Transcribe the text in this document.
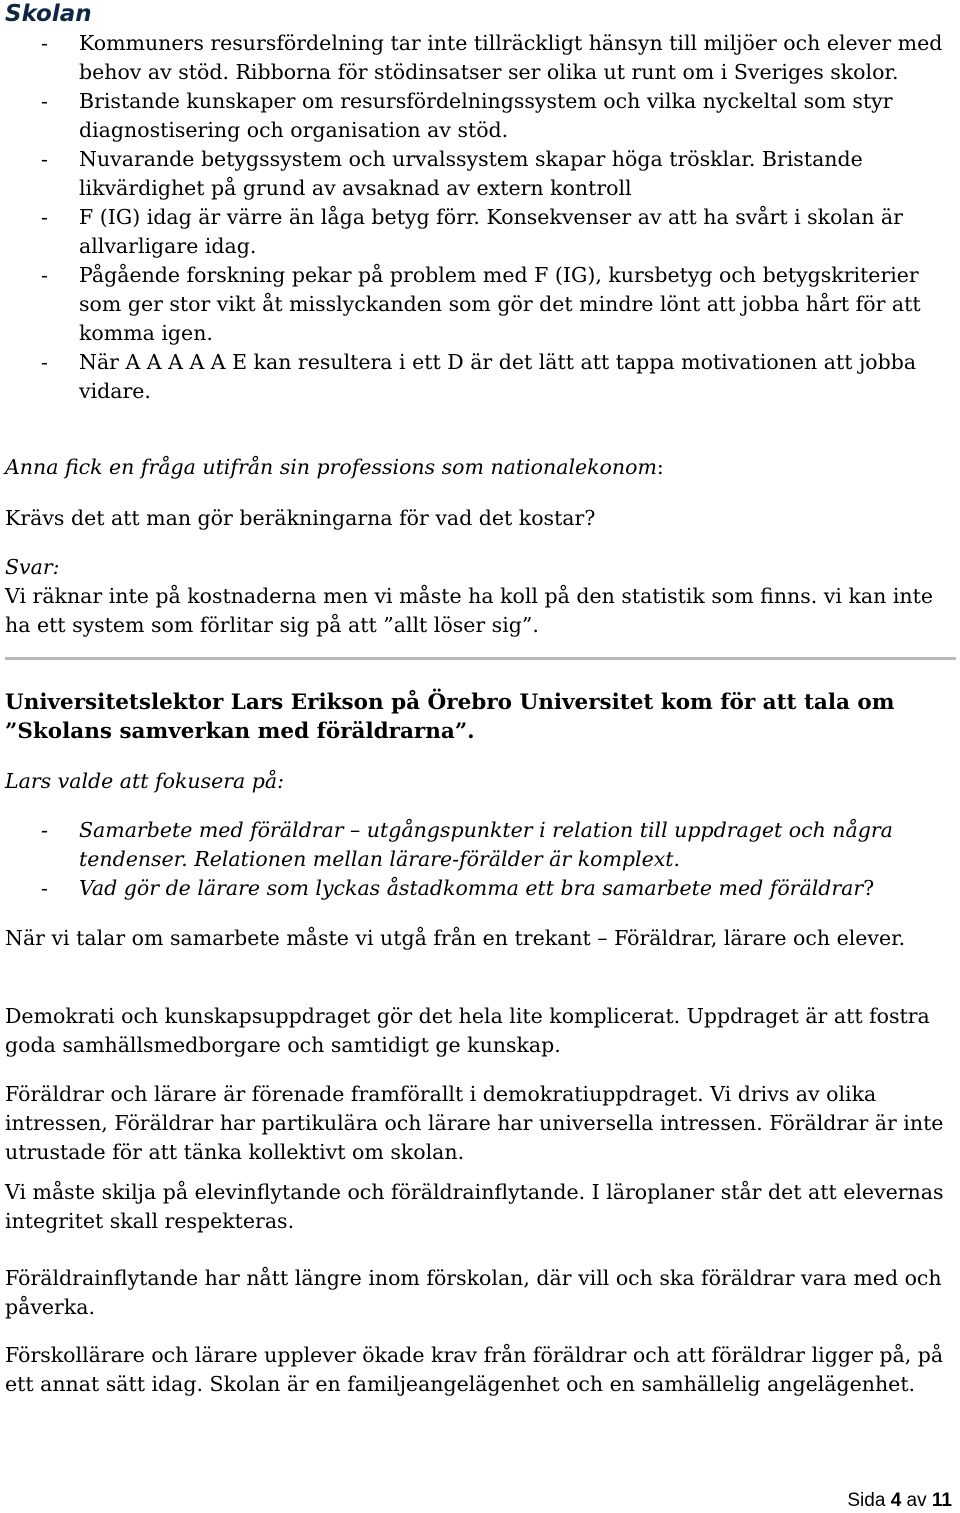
Skolan
- Kommuners resursfördelning tar inte tillräckligt hänsyn till miljöer och elever med behov av stöd. Ribborna för stödinsatser ser olika ut runt om i Sveriges skolor.
- Bristande kunskaper om resursfördelningssystem och vilka nyckeltal som styr diagnostisering och organisation av stöd.
- Nuvarande betygssystem och urvalssystem skapar höga trösklar. Bristande likvärdighet på grund av avsaknad av extern kontroll
- F (IG) idag är värre än låga betyg förr. Konsekvenser av att ha svårt i skolan är allvarligare idag.
- Pågående forskning pekar på problem med F (IG), kursbetyg och betygskriterier som ger stor vikt åt misslyckanden som gör det mindre lönt att jobba hårt för att komma igen.
- När A A A A A E kan resultera i ett D är det lätt att tappa motivationen att jobba vidare.

Anna fick en fråga utifrån sin professions som nationalekonom:

Krävs det att man gör beräkningarna för vad det kostar?

Svar:
Vi räknar inte på kostnaderna men vi måste ha koll på den statistik som finns. vi kan inte ha ett system som förlitar sig på att ”allt löser sig”.

Universitetslektor Lars Erikson på Örebro Universitet kom för att tala om ”Skolans samverkan med föräldrarna”.

Lars valde att fokusera på:

- Samarbete med föräldrar – utgångspunkter i relation till uppdraget och några tendenser. Relationen mellan lärare-förälder är komplext.
- Vad gör de lärare som lyckas åstadkomma ett bra samarbete med föräldrar?

När vi talar om samarbete måste vi utgå från en trekant – Föräldrar, lärare och elever.

Demokrati och kunskapsuppdraget gör det hela lite komplicerat. Uppdraget är att fostra goda samhällsmedborgare och samtidigt ge kunskap.

Föräldrar och lärare är förenade framförallt i demokratiuppdraget. Vi drivs av olika intressen, Föräldrar har partikulära och lärare har universella intressen. Föräldrar är inte utrustade för att tänka kollektivt om skolan.

Vi måste skilja på elevinflytande och föräldrainflytande. I läroplaner står det att elevernas integritet skall respekteras.

Föräldrainflytande har nått längre inom förskolan, där vill och ska föräldrar vara med och påverka.

Förskollärare och lärare upplever ökade krav från föräldrar och att föräldrar ligger på, på ett annat sätt idag. Skolan är en familjeangelägenhet och en samhällelig angelägenhet.

Sida 4 av 11
